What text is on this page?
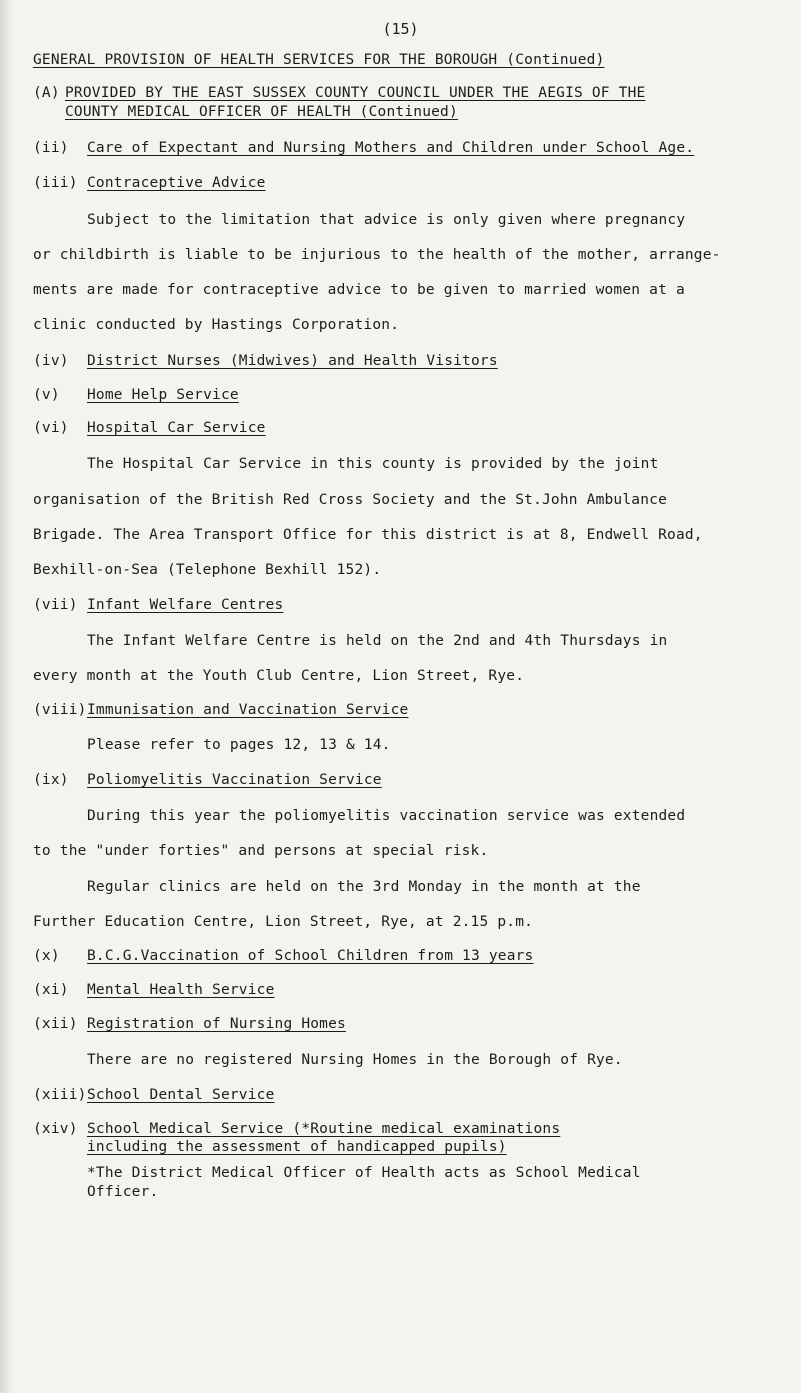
(15)
GENERAL PROVISION OF HEALTH SERVICES FOR THE BOROUGH (Continued)
(A) PROVIDED BY THE EAST SUSSEX COUNTY COUNCIL UNDER THE AEGIS OF THE
COUNTY MEDICAL OFFICER OF HEALTH (Continued)
(ii) Care of Expectant and Nursing Mothers and Children under School Age.
(iii) Contraceptive Advice
Subject to the limitation that advice is only given where pregnancy
or childbirth is liable to be injurious to the health of the mother, arrange-
ments are made for contraceptive advice to be given to married women at a
clinic conducted by Hastings Corporation.
(iv) District Nurses (Midwives) and Health Visitors
(v) Home Help Service
(vi) Hospital Car Service
The Hospital Car Service in this county is provided by the joint
organisation of the British Red Cross Society and the St.John Ambulance
Brigade. The Area Transport Office for this district is at 8, Endwell Road,
Bexhill-on-Sea (Telephone Bexhill 152).
(vii) Infant Welfare Centres
The Infant Welfare Centre is held on the 2nd and 4th Thursdays in
every month at the Youth Club Centre, Lion Street, Rye.
(viii) Immunisation and Vaccination Service
Please refer to pages 12, 13 & 14.
(ix) Poliomyelitis Vaccination Service
During this year the poliomyelitis vaccination service was extended
to the "under forties" and persons at special risk.
Regular clinics are held on the 3rd Monday in the month at the
Further Education Centre, Lion Street, Rye, at 2.15 p.m.
(x) B.C.G.Vaccination of School Children from 13 years
(xi) Mental Health Service
(xii) Registration of Nursing Homes
There are no registered Nursing Homes in the Borough of Rye.
(xiii) School Dental Service
(xiv) School Medical Service (*Routine medical examinations
including the assessment of handicapped pupils)
*The District Medical Officer of Health acts as School Medical
Officer.
